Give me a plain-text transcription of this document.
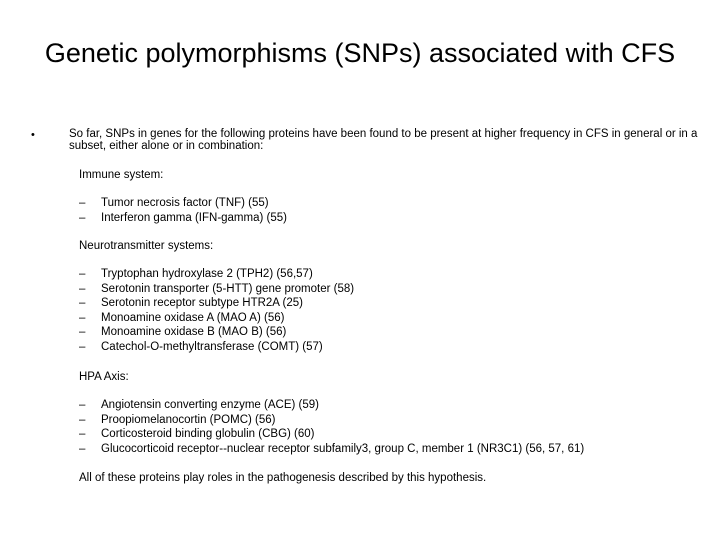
Genetic polymorphisms (SNPs) associated with CFS
•	So far, SNPs in genes for the following proteins have been found to be present at higher frequency in CFS in general or in a subset, either alone or in combination:
Immune system:
– Tumor necrosis factor (TNF) (55)
– Interferon gamma (IFN-gamma) (55)
Neurotransmitter systems:
– Tryptophan hydroxylase 2 (TPH2) (56,57)
– Serotonin transporter (5-HTT) gene promoter (58)
– Serotonin receptor subtype HTR2A (25)
– Monoamine oxidase A (MAO A) (56)
– Monoamine oxidase B (MAO B) (56)
– Catechol-O-methyltransferase (COMT) (57)
HPA Axis:
– Angiotensin converting enzyme (ACE) (59)
– Proopiomelanocortin (POMC) (56)
– Corticosteroid binding globulin (CBG) (60)
– Glucocorticoid receptor--nuclear receptor subfamily3, group C, member 1 (NR3C1) (56, 57, 61)
All of these proteins play roles in the pathogenesis described by this hypothesis.
